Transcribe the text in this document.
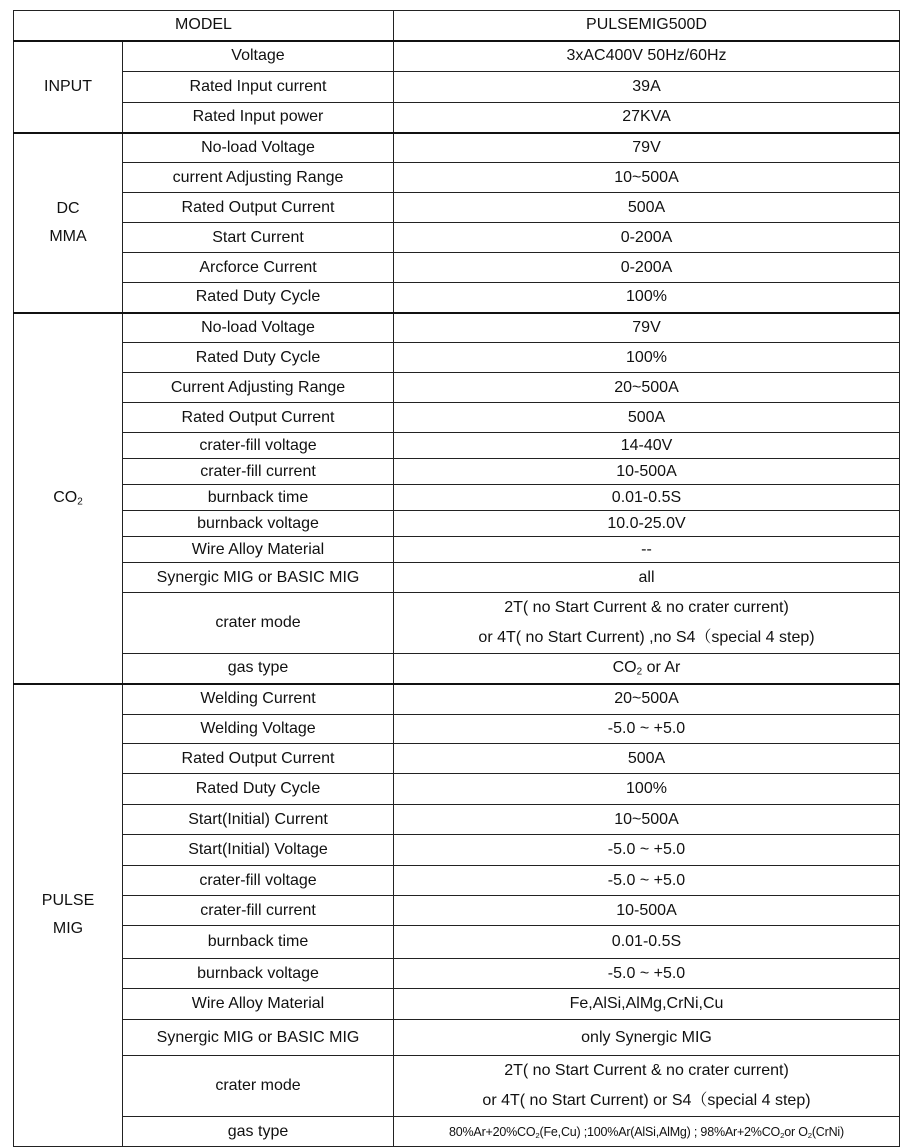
MODEL		PULSEMIG500D

INPUT	Voltage	3xAC400V 50Hz/60Hz
	Rated Input current	39A
	Rated Input power	27KVA

DC
MMA	No-load Voltage	79V
	current Adjusting Range	10~500A
	Rated Output Current	500A
	Start Current	0-200A
	Arcforce Current	0-200A
	Rated Duty Cycle	100%

$CO_2$	No-load Voltage	79V
	Rated Duty Cycle	100%
	Current Adjusting Range	20~500A
	Rated Output Current	500A
	crater-fill voltage	14-40V
	crater-fill current	10-500A
	burnback time	0.01-0.5S
	burnback voltage	10.0-25.0V
	Wire Alloy Material	--
	Synergic MIG or BASIC MIG	all
	crater mode	2T( no Start Current & no crater current)
or 4T( no Start Current) ,no S4（special 4 step)

	gas type	$CO_2$ or Ar

PULSE
MIG	Welding Current	20~500A
	Welding Voltage	-5.0 ~ +5.0
	Rated Output Current	500A
	Rated Duty Cycle	100%
	Start(Initial) Current	10~500A
	Start(Initial) Voltage	-5.0 ~ +5.0
	crater-fill voltage	-5.0 ~ +5.0
	crater-fill current	10-500A
	burnback time	0.01-0.5S
	burnback voltage	-5.0 ~ +5.0
	Wire Alloy Material	Fe,AlSi,AlMg,CrNi,Cu
	Synergic MIG or BASIC MIG	only Synergic MIG
	crater mode	2T( no Start Current & no crater current)
or 4T( no Start Current) or S4（special 4 step)

	gas type	$80\%Ar+20\%CO_2(Fe,Cu)$ ;100%Ar(AlSi,AlMg) ; $98\%Ar+2\%CO_2or$ $O_2(CrNi)$
